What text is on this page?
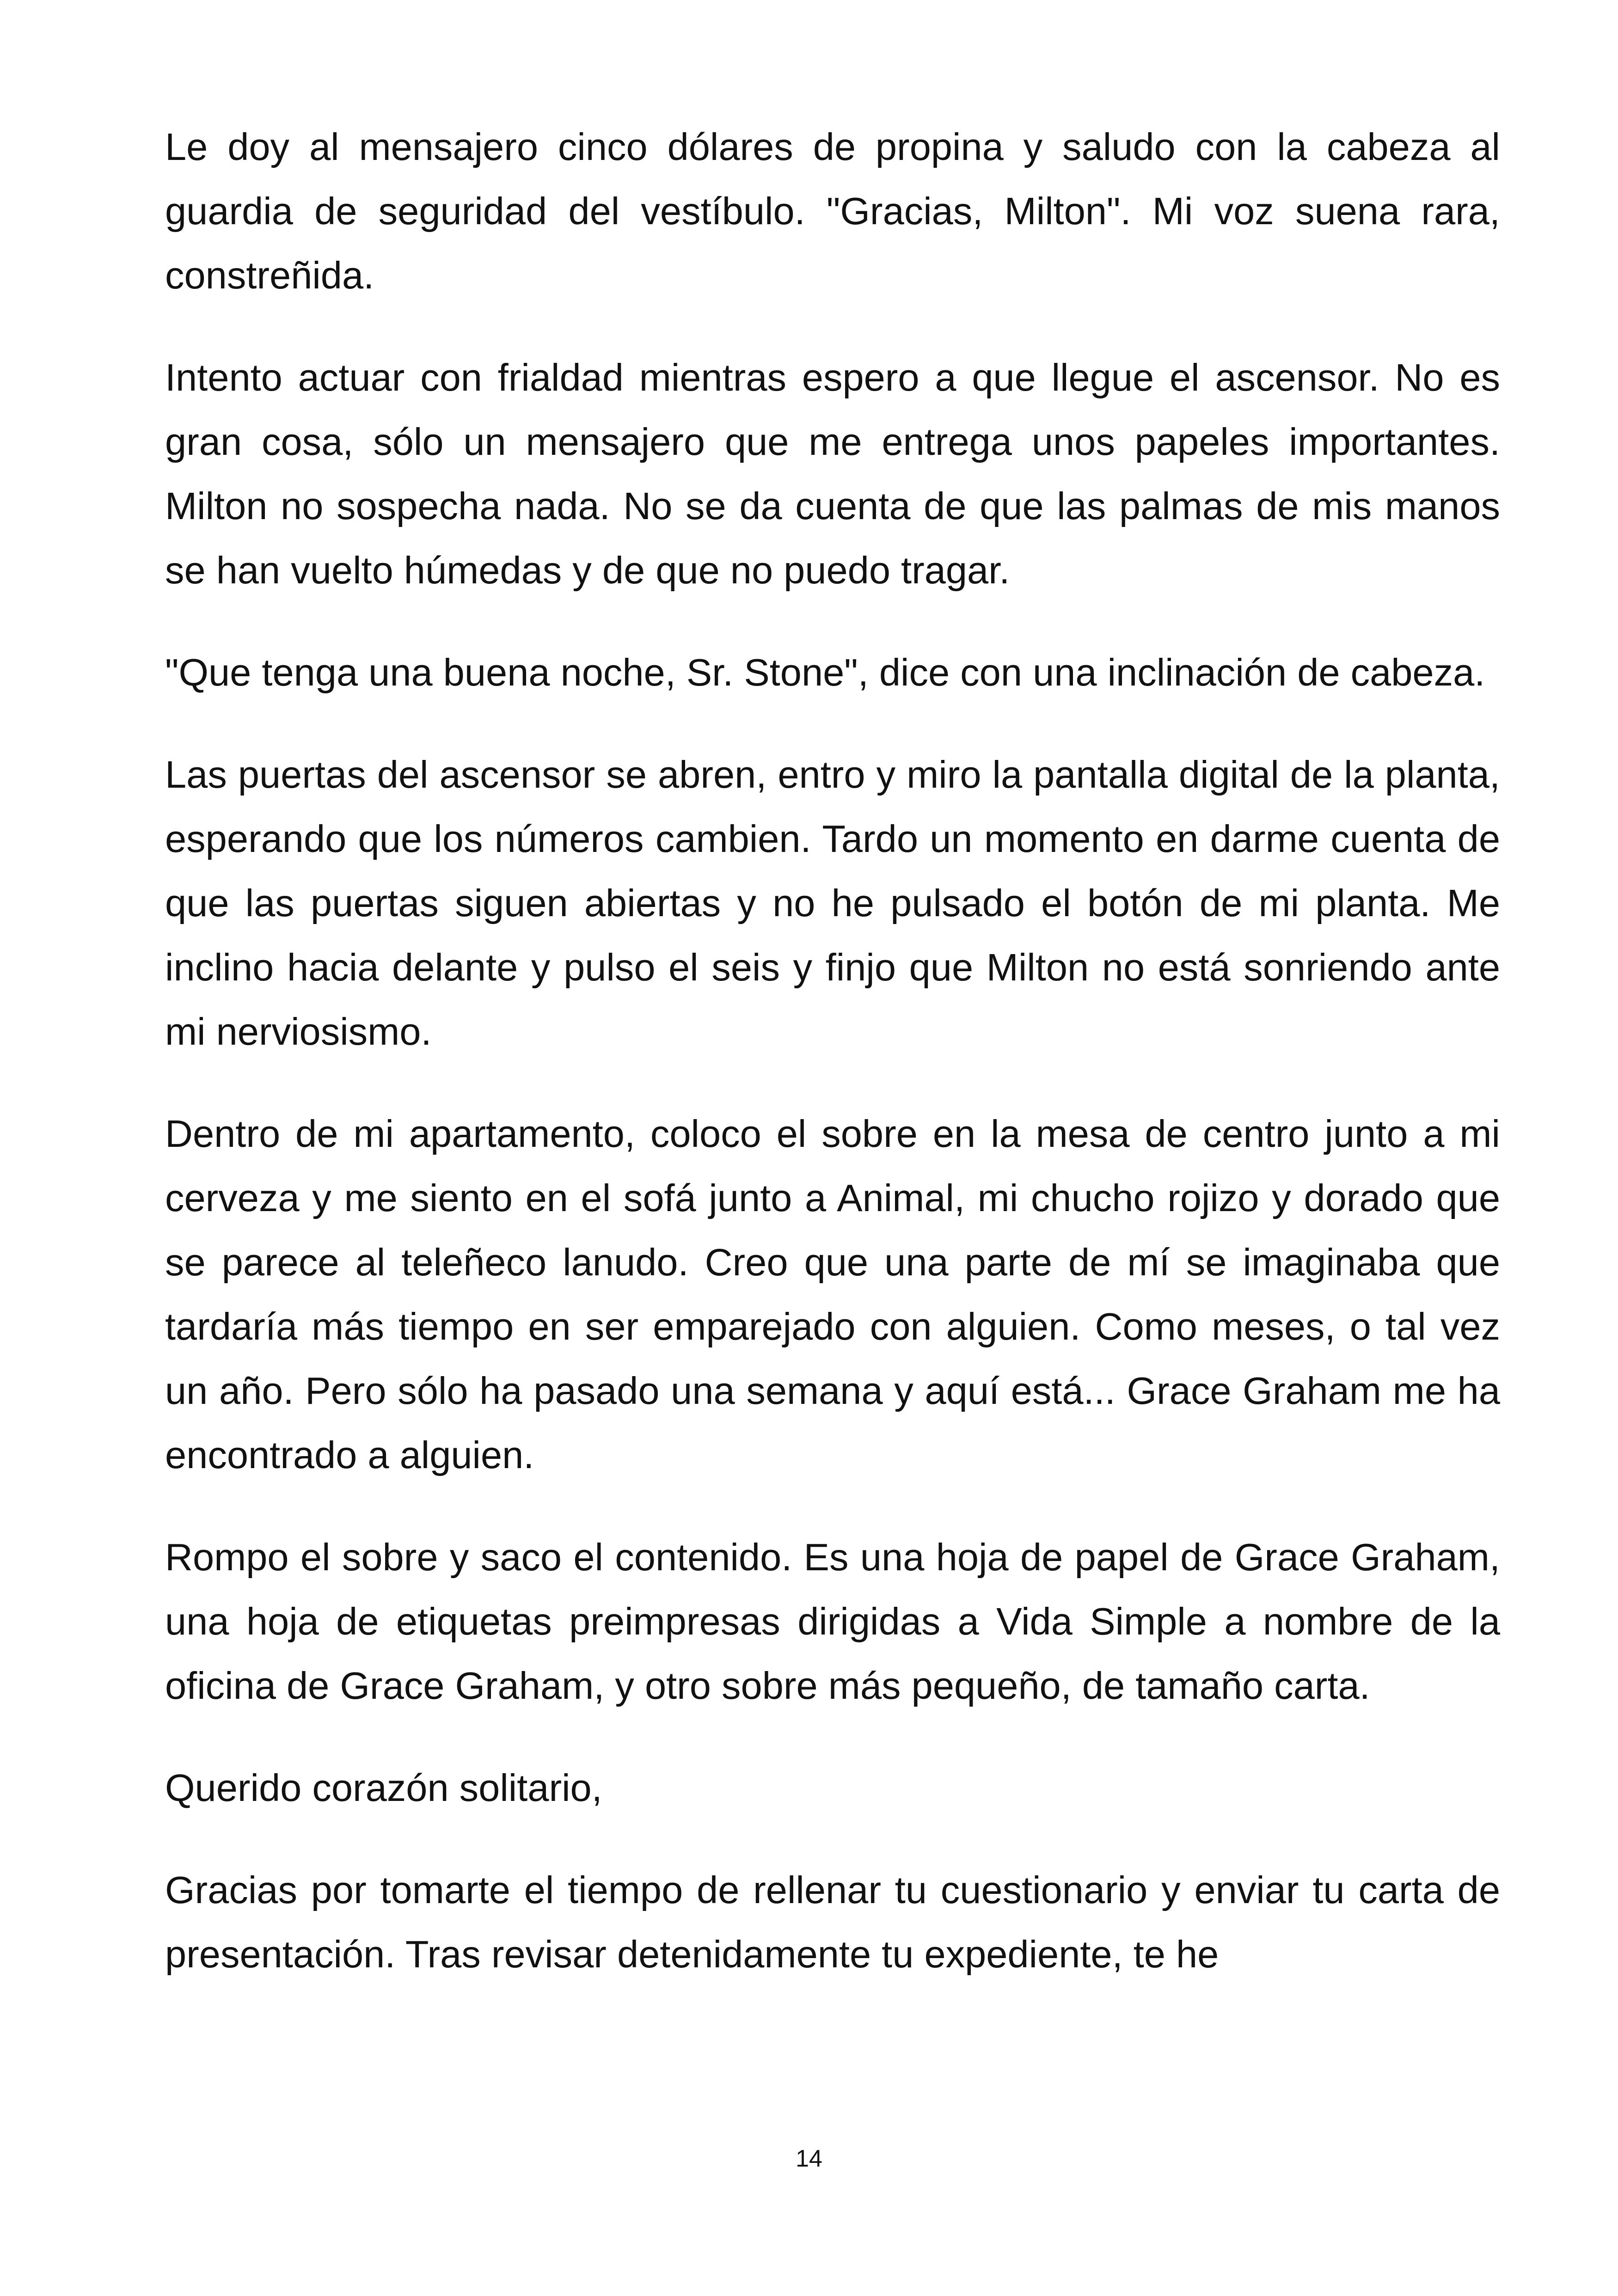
Le doy al mensajero cinco dólares de propina y saludo con la cabeza al guardia de seguridad del vestíbulo. "Gracias, Milton". Mi voz suena rara, constreñida.

Intento actuar con frialdad mientras espero a que llegue el ascensor. No es gran cosa, sólo un mensajero que me entrega unos papeles importantes. Milton no sospecha nada. No se da cuenta de que las palmas de mis manos se han vuelto húmedas y de que no puedo tragar.

"Que tenga una buena noche, Sr. Stone", dice con una inclinación de cabeza.

Las puertas del ascensor se abren, entro y miro la pantalla digital de la planta, esperando que los números cambien. Tardo un momento en darme cuenta de que las puertas siguen abiertas y no he pulsado el botón de mi planta. Me inclino hacia delante y pulso el seis y finjo que Milton no está sonriendo ante mi nerviosismo.

Dentro de mi apartamento, coloco el sobre en la mesa de centro junto a mi cerveza y me siento en el sofá junto a Animal, mi chucho rojizo y dorado que se parece al teleñeco lanudo. Creo que una parte de mí se imaginaba que tardaría más tiempo en ser emparejado con alguien. Como meses, o tal vez un año. Pero sólo ha pasado una semana y aquí está... Grace Graham me ha encontrado a alguien.

Rompo el sobre y saco el contenido. Es una hoja de papel de Grace Graham, una hoja de etiquetas preimpresas dirigidas a Vida Simple a nombre de la oficina de Grace Graham, y otro sobre más pequeño, de tamaño carta.

Querido corazón solitario,

Gracias por tomarte el tiempo de rellenar tu cuestionario y enviar tu carta de presentación. Tras revisar detenidamente tu expediente, te he

14
